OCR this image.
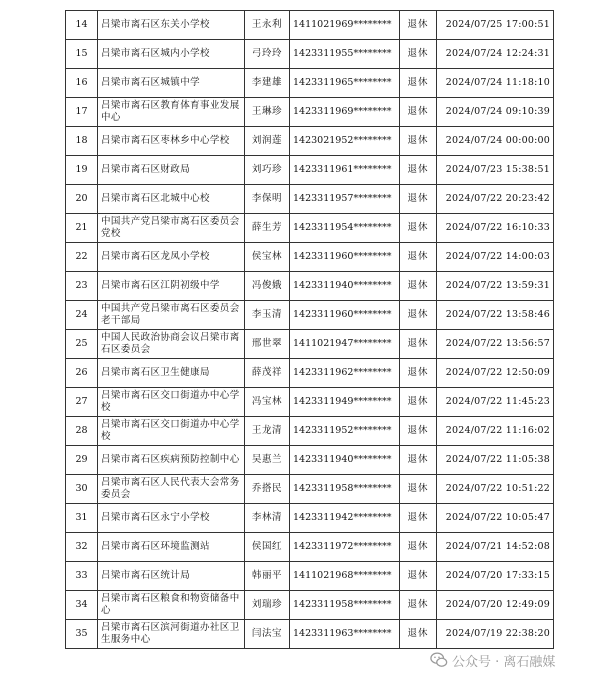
14	吕梁市离石区东关小学校	王永利	1411021969********	退休	2024/07/25 17:00:51
15	吕梁市离石区城内小学校	弓玲玲	1423311955********	退休	2024/07/24 12:24:31
16	吕梁市离石区城镇中学	李建雄	1423311965********	退休	2024/07/24 11:18:10
17	吕梁市离石区教育体育事业发展中心	王琳珍	1423311969********	退休	2024/07/24 09:10:39
18	吕梁市离石区枣林乡中心学校	刘润莲	1423021952********	退休	2024/07/24 00:00:00
19	吕梁市离石区财政局	刘巧珍	1423311961********	退休	2024/07/23 15:38:51
20	吕梁市离石区北城中心校	李保明	1423311957********	退休	2024/07/22 20:23:42
21	中国共产党吕梁市离石区委员会党校	薛生芳	1423311954********	退休	2024/07/22 16:10:33
22	吕梁市离石区龙凤小学校	侯宝林	1423311960********	退休	2024/07/22 14:00:03
23	吕梁市离石区江阴初级中学	冯俊娥	1423311940********	退休	2024/07/22 13:59:31
24	中国共产党吕梁市离石区委员会老干部局	李玉清	1423311960********	退休	2024/07/22 13:58:46
25	中国人民政治协商会议吕梁市离石区委员会	邢世翠	1411021947********	退休	2024/07/22 13:56:57
26	吕梁市离石区卫生健康局	薛茂祥	1423311962********	退休	2024/07/22 12:50:09
27	吕梁市离石区交口街道办中心学校	冯宝林	1423311949********	退休	2024/07/22 11:45:23
28	吕梁市离石区交口街道办中心学校	王龙清	1423311952********	退休	2024/07/22 11:16:02
29	吕梁市离石区疾病预防控制中心	吴惠兰	1423311940********	退休	2024/07/22 11:05:38
30	吕梁市离石区人民代表大会常务委员会	乔搭民	1423311958********	退休	2024/07/22 10:51:22
31	吕梁市离石区永宁小学校	李林清	1423311942********	退休	2024/07/22 10:05:47
32	吕梁市离石区环境监测站	侯国红	1423311972********	退休	2024/07/21 14:52:08
33	吕梁市离石区统计局	韩丽平	1411021968********	退休	2024/07/20 17:33:15
34	吕梁市离石区粮食和物资储备中心	刘瑞珍	1423311958********	退休	2024/07/20 12:49:09
35	吕梁市离石区滨河街道办社区卫生服务中心	闫法宝	1423311963********	退休	2024/07/19 22:38:20
公众号 · 离石融媒
